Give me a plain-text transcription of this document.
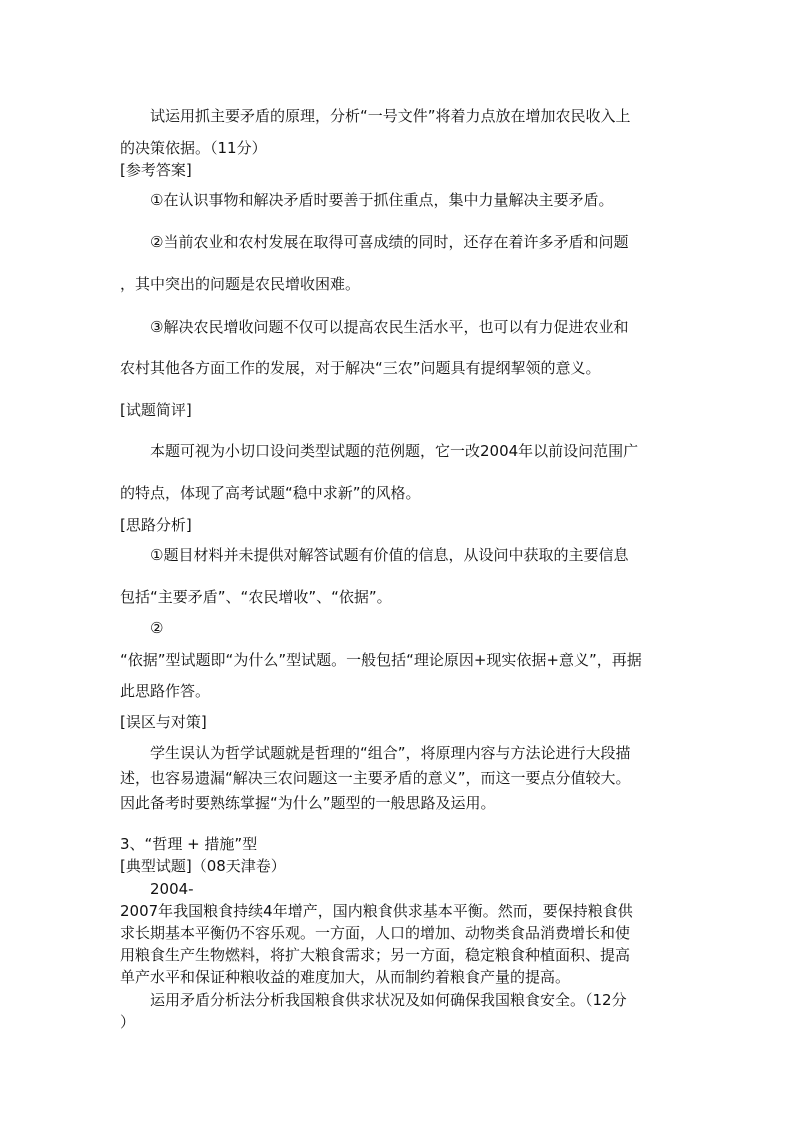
试运用抓主要矛盾的原理，分析“一号文件”将着力点放在增加农民收入上
的决策依据。（11分）
[参考答案]
①在认识事物和解决矛盾时要善于抓住重点，集中力量解决主要矛盾。
②当前农业和农村发展在取得可喜成绩的同时，还存在着许多矛盾和问题
，其中突出的问题是农民增收困难。
③解决农民增收问题不仅可以提高农民生活水平，也可以有力促进农业和
农村其他各方面工作的发展，对于解决“三农”问题具有提纲挈领的意义。
[试题简评]
本题可视为小切口设问类型试题的范例题，它一改2004年以前设问范围广
的特点，体现了高考试题“稳中求新”的风格。
[思路分析]
①题目材料并未提供对解答试题有价值的信息，从设问中获取的主要信息
包括“主要矛盾”、“农民增收”、“依据”。
②
“依据”型试题即“为什么”型试题。一般包括“理论原因+现实依据+意义”，再据
此思路作答。
[误区与对策]
学生误认为哲学试题就是哲理的“组合”，将原理内容与方法论进行大段描
述，也容易遗漏“解决三农问题这一主要矛盾的意义”，而这一要点分值较大。
因此备考时要熟练掌握“为什么”题型的一般思路及运用。
3、“哲理 + 措施”型
[典型试题]（08天津卷）
2004-
2007年我国粮食持续4年增产，国内粮食供求基本平衡。然而，要保持粮食供
求长期基本平衡仍不容乐观。一方面，人口的增加、动物类食品消费增长和使
用粮食生产生物燃料，将扩大粮食需求；另一方面，稳定粮食种植面积、提高
单产水平和保证种粮收益的难度加大，从而制约着粮食产量的提高。
运用矛盾分析法分析我国粮食供求状况及如何确保我国粮食安全。（12分
）
